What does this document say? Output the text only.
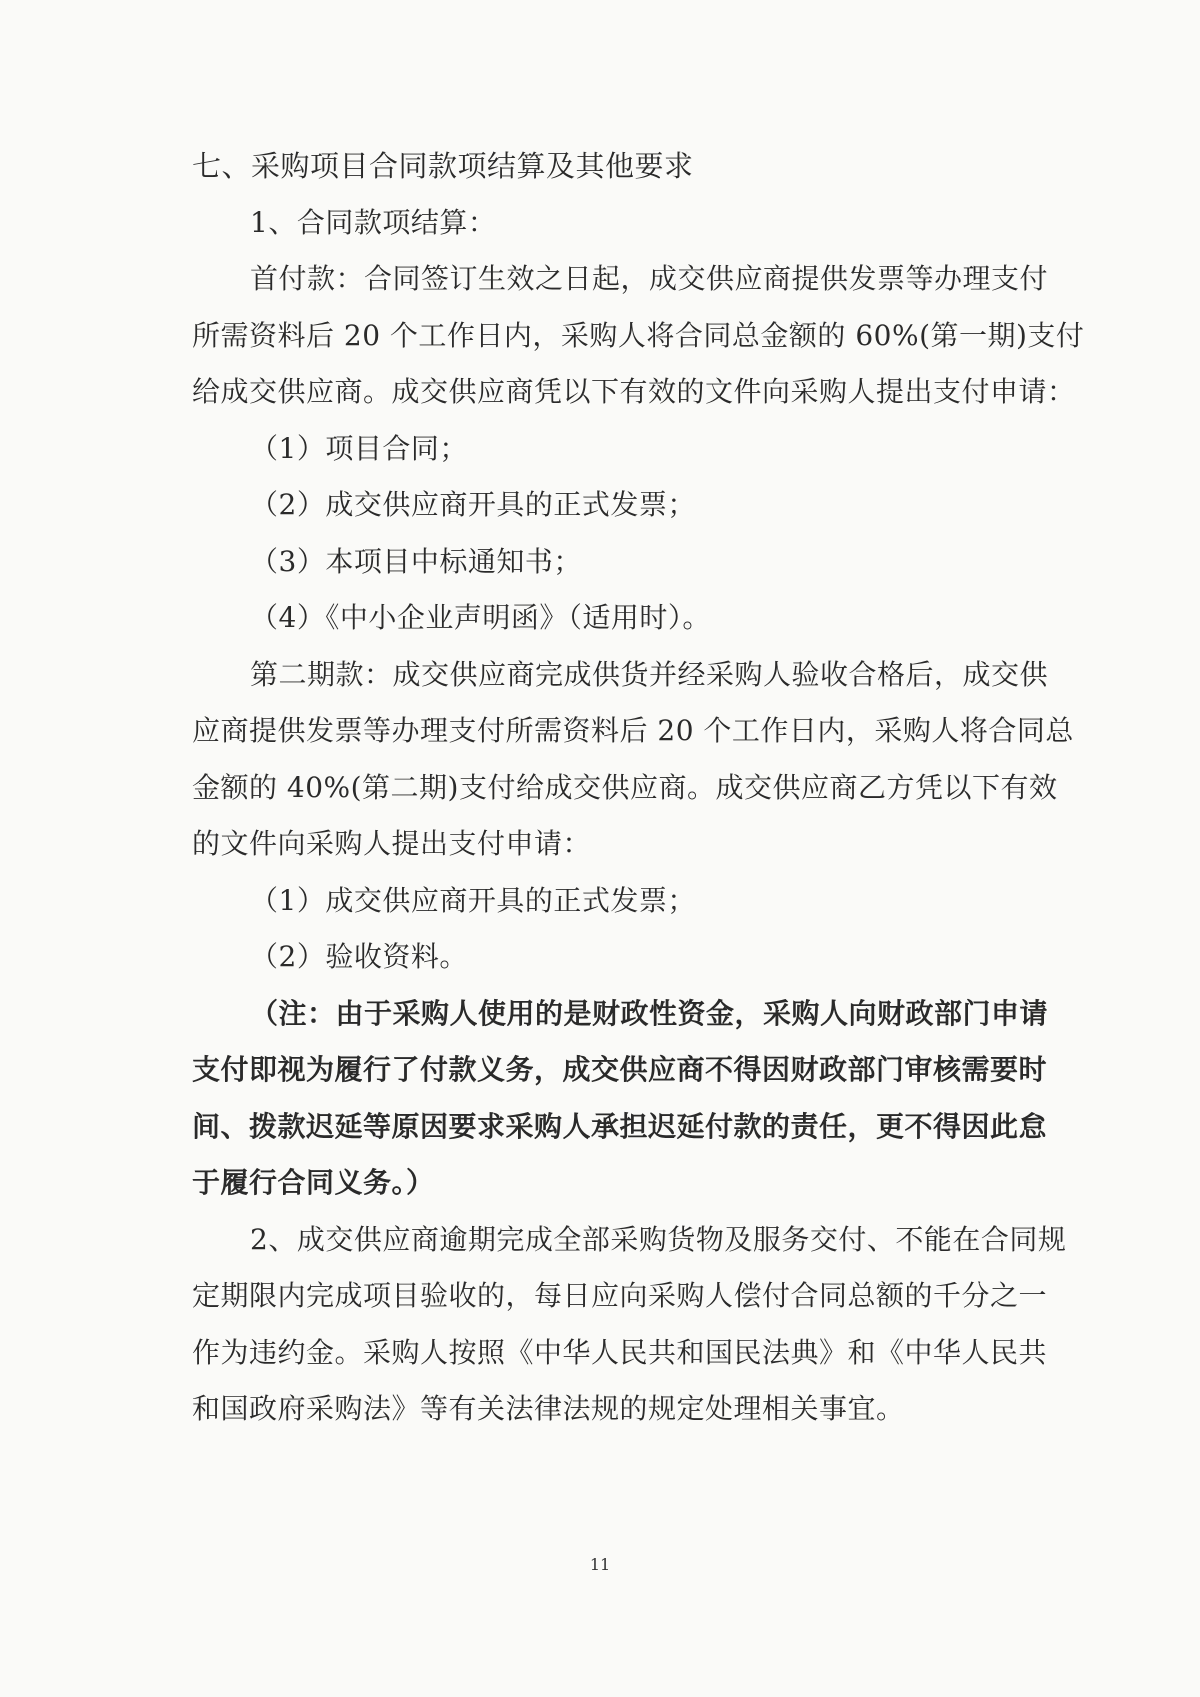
七、采购项目合同款项结算及其他要求
1、合同款项结算：
首付款：合同签订生效之日起，成交供应商提供发票等办理支付
所需资料后 20 个工作日内，采购人将合同总金额的 60%(第一期)支付
给成交供应商。成交供应商凭以下有效的文件向采购人提出支付申请：
（1）项目合同；
（2）成交供应商开具的正式发票；
（3）本项目中标通知书；
（4）《中小企业声明函》（适用时）。
第二期款：成交供应商完成供货并经采购人验收合格后，成交供
应商提供发票等办理支付所需资料后 20 个工作日内，采购人将合同总
金额的 40%(第二期)支付给成交供应商。成交供应商乙方凭以下有效
的文件向采购人提出支付申请：
（1）成交供应商开具的正式发票；
（2）验收资料。
（注：由于采购人使用的是财政性资金，采购人向财政部门申请
支付即视为履行了付款义务，成交供应商不得因财政部门审核需要时
间、拨款迟延等原因要求采购人承担迟延付款的责任，更不得因此怠
于履行合同义务。）
2、成交供应商逾期完成全部采购货物及服务交付、不能在合同规
定期限内完成项目验收的，每日应向采购人偿付合同总额的千分之一
作为违约金。采购人按照《中华人民共和国民法典》和《中华人民共
和国政府采购法》等有关法律法规的规定处理相关事宜。
11
